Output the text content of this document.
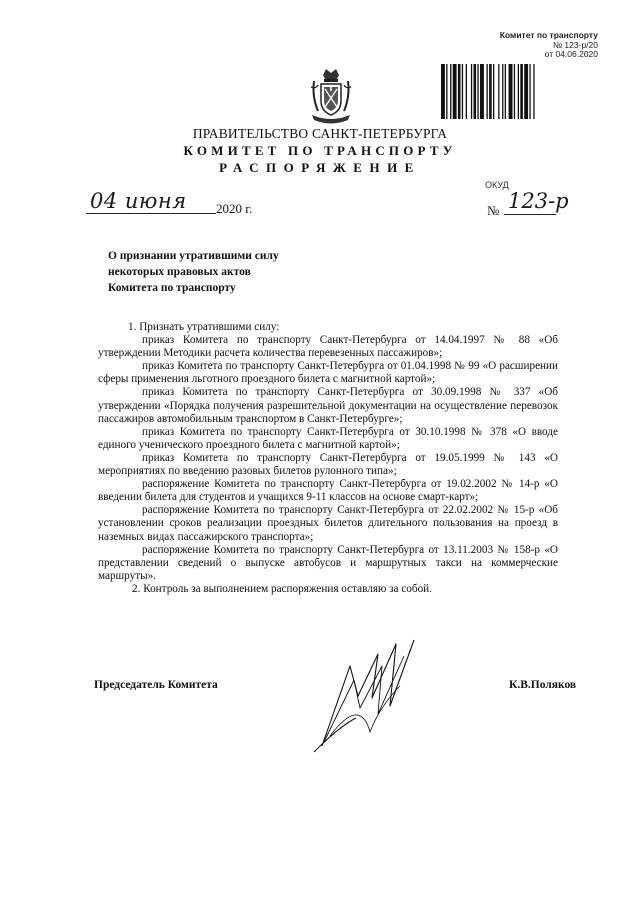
Комитет по транспорту
№ 123-р/20
от 04.06.2020
ПРАВИТЕЛЬСТВО САНКТ-ПЕТЕРБУРГА
КОМИТЕТ ПО ТРАНСПОРТУ
РАСПОРЯЖЕНИЕ
ОКУД
04 июня 2020 г.	№ 123-р
О признании утратившими силу
некоторых правовых актов
Комитета по транспорту

1. Признать утратившими силу:

приказ Комитета по транспорту Санкт-Петербурга от 14.04.1997 № 88 «Об утверждении Методики расчета количества перевезенных пассажиров»;

приказ Комитета по транспорту Санкт-Петербурга от 01.04.1998 № 99 «О расширении сферы применения льготного проездного билета с магнитной картой»;

приказ Комитета по транспорту Санкт-Петербурга от 30.09.1998 № 337 «Об утверждении «Порядка получения разрешительной документации на осуществление перевозок пассажиров автомобильным транспортом в Санкт-Петербурге»;

приказ Комитета по транспорту Санкт-Петербурга от 30.10.1998 № 378 «О вводе единого ученического проездного билета с магнитной картой»;

приказ Комитета по транспорту Санкт-Петербурга от 19.05.1999 № 143 «О мероприятиях по введению разовых билетов рулонного типа»;

распоряжение Комитета по транспорту Санкт-Петербурга от 19.02.2002 № 14-р «О введении билета для студентов и учащихся 9-11 классов на основе смарт-карт»;

распоряжение Комитета по транспорту Санкт-Петербурга от 22.02.2002 № 15-р «Об установлении сроков реализации проездных билетов длительного пользования на проезд в наземных видах пассажирского транспорта»;

распоряжение Комитета по транспорту Санкт-Петербурга от 13.11.2003 № 158-р «О представлении сведений о выпуске автобусов и маршрутных такси на коммерческие маршруты».

2. Контроль за выполнением распоряжения оставляю за собой.

Председатель Комитета	К.В.Поляков
